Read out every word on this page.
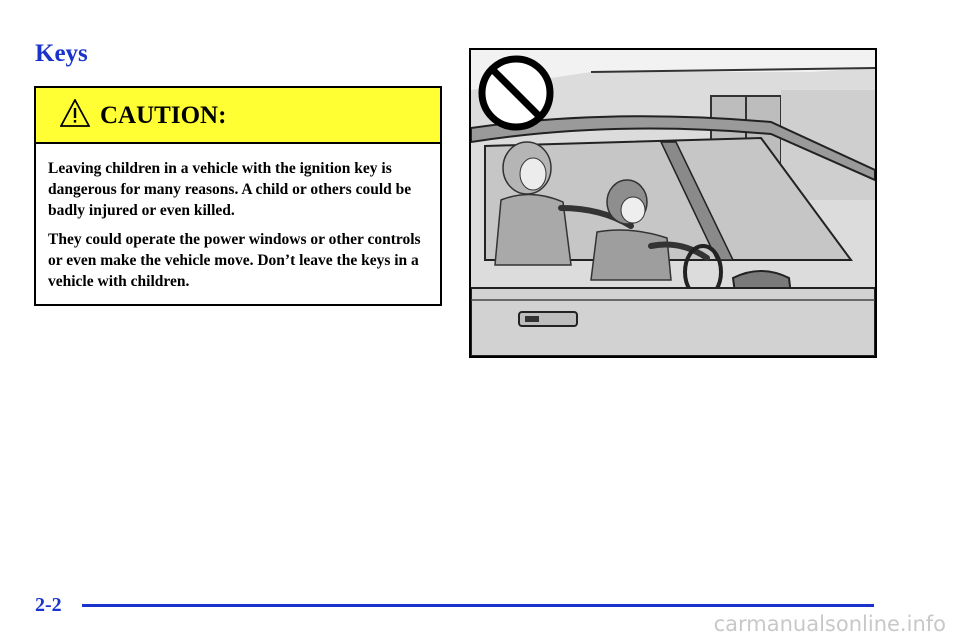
Keys
CAUTION:

Leaving children in a vehicle with the ignition key is dangerous for many reasons. A child or others could be badly injured or even killed.

They could operate the power windows or other controls or even make the vehicle move. Don’t leave the keys in a vehicle with children.

2-2
carmanualsonline.info
